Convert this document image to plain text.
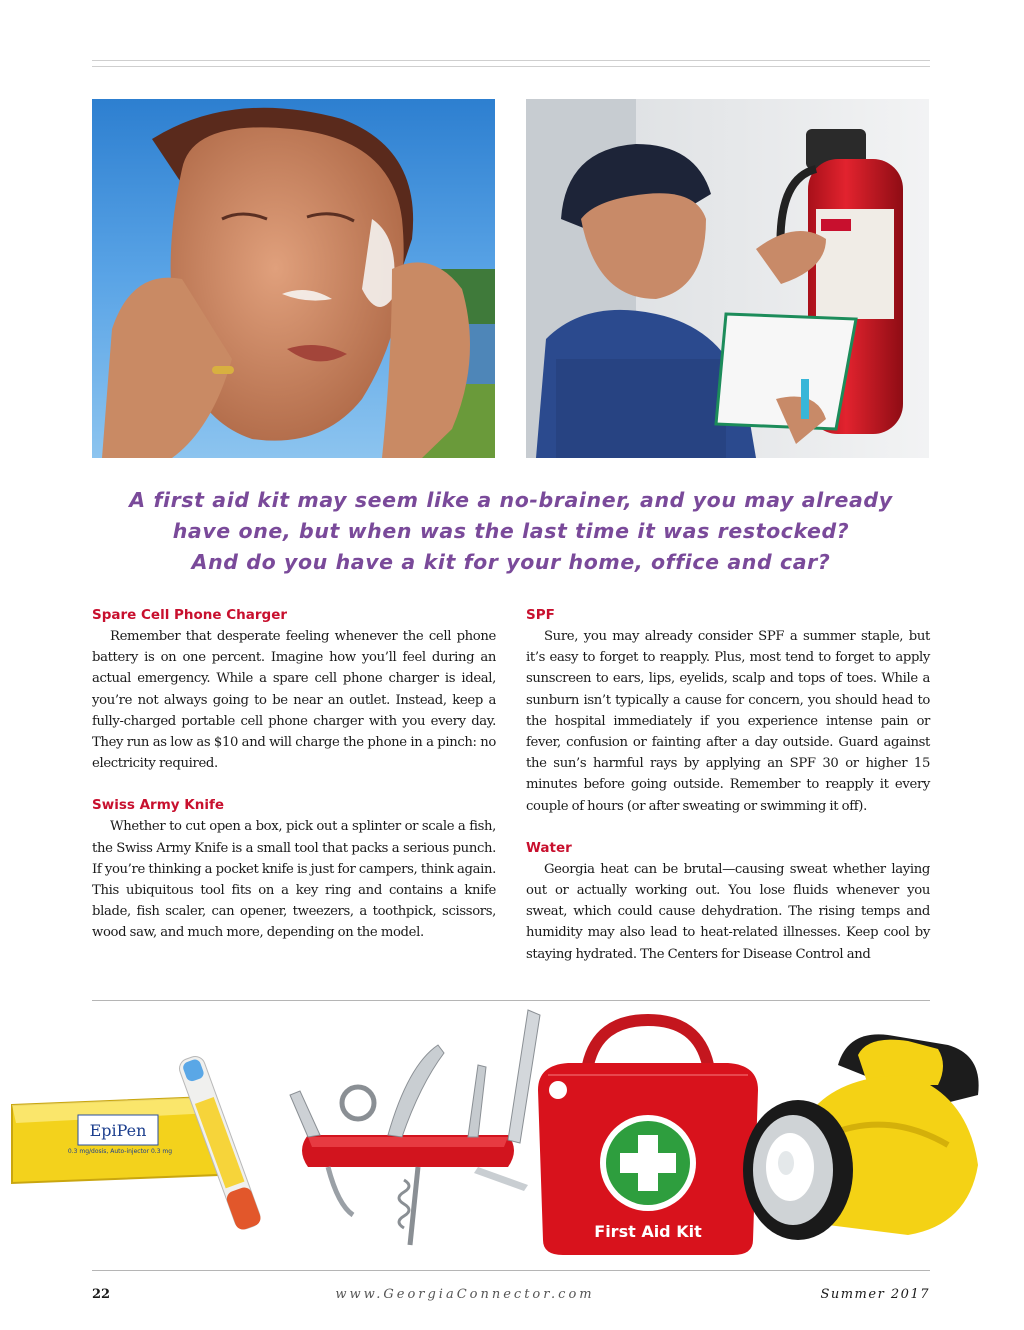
A first aid kit may seem like a no-brainer, and you may already
have one, but when was the last time it was restocked?
And do you have a kit for your home, office and car?

Spare Cell Phone Charger

Remember that desperate feeling whenever the cell phone battery is on one percent. Imagine how you’ll feel during an actual emergency. While a spare cell phone charger is ideal, you’re not always going to be near an outlet. Instead, keep a fully-charged portable cell phone charger with you every day. They run as low as $10 and will charge the phone in a pinch: no electricity required.

Swiss Army Knife

Whether to cut open a box, pick out a splinter or scale a fish, the Swiss Army Knife is a small tool that packs a serious punch. If you’re thinking a pocket knife is just for campers, think again. This ubiquitous tool fits on a key ring and contains a knife blade, fish scaler, can opener, tweezers, a toothpick, scissors, wood saw, and much more, depending on the model.

SPF

Sure, you may already consider SPF a summer staple, but it’s easy to forget to reapply. Plus, most tend to forget to apply sunscreen to ears, lips, eyelids, scalp and tops of toes. While a sunburn isn’t typically a cause for concern, you should head to the hospital immediately if you experience intense pain or fever, confusion or fainting after a day outside. Guard against the sun’s harmful rays by applying an SPF 30 or higher 15 minutes before going outside. Remember to reapply it every couple of hours (or after sweating or swimming it off).

Water

Georgia heat can be brutal—causing sweat whether laying out or actually working out. You lose fluids whenever you sweat, which could cause dehydration. The rising temps and humidity may also lead to heat-related illnesses. Keep cool by staying hydrated. The Centers for Disease Control and

EpiPen
0.3 mg/dosis, Auto-injector 0.3 mg
First Aid Kit
22	www.GeorgiaConnector.com	Summer 2017
